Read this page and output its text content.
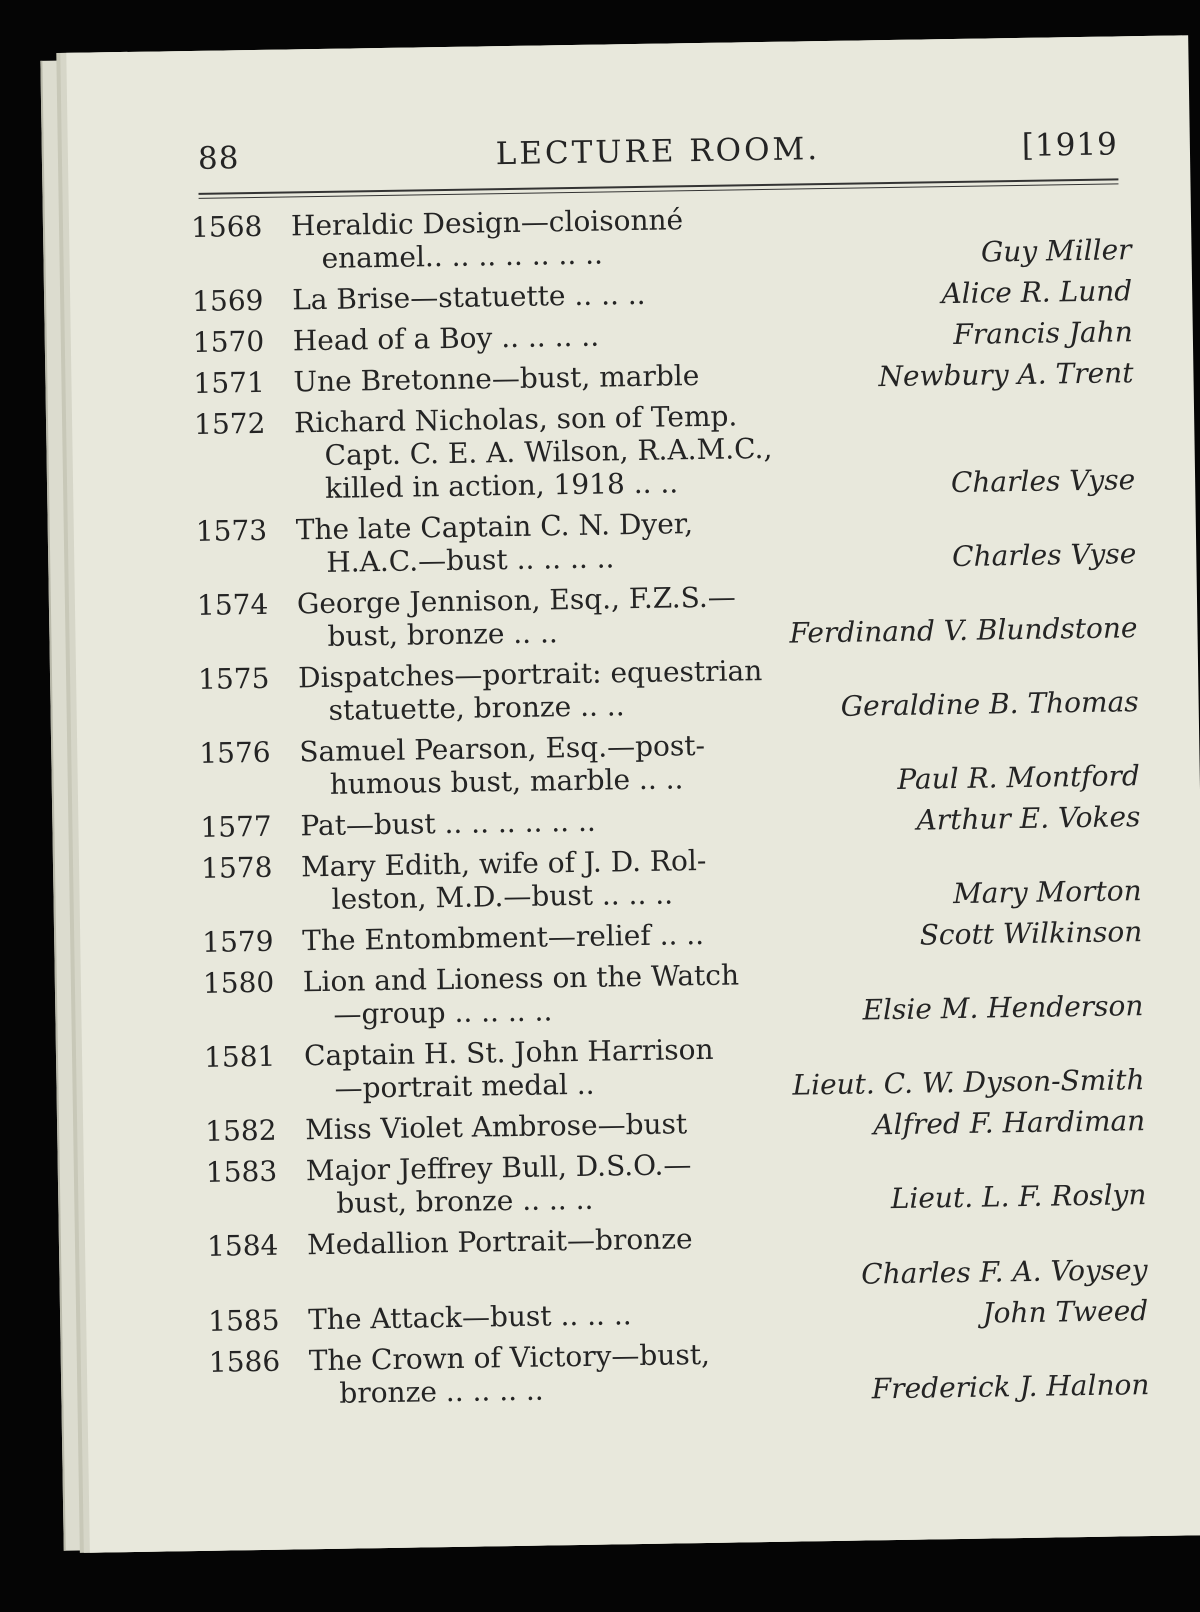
88	LECTURE ROOM.	[1919
1568	Heraldic Design—cloisonné
enamel.. .. .. .. .. .. ..	Guy Miller
1569	La Brise—statuette .. .. ..	Alice R. Lund
1570	Head of a Boy .. .. .. ..	Francis Jahn
1571	Une Bretonne—bust, marble	Newbury A. Trent
1572	Richard Nicholas, son of Temp.
Capt. C. E. A. Wilson, R.A.M.C., killed in action, 1918 .. ..	Charles Vyse
1573	The late Captain C. N. Dyer,
H.A.C.—bust .. .. .. ..	Charles Vyse
1574	George Jennison, Esq., F.Z.S.—
bust, bronze .. ..	Ferdinand V. Blundstone
1575	Dispatches—portrait: equestrian
statuette, bronze .. ..	Geraldine B. Thomas
1576	Samuel Pearson, Esq.—post-
humous bust, marble .. ..	Paul R. Montford
1577	Pat—bust .. .. .. .. .. ..	Arthur E. Vokes
1578	Mary Edith, wife of J. D. Rol-
leston, M.D.—bust .. .. ..	Mary Morton
1579	The Entombment—relief .. ..	Scott Wilkinson
1580	Lion and Lioness on the Watch
—group .. .. .. ..	Elsie M. Henderson
1581	Captain H. St. John Harrison
—portrait medal ..	Lieut. C. W. Dyson-Smith
1582	Miss Violet Ambrose—bust	Alfred F. Hardiman
1583	Major Jeffrey Bull, D.S.O.—
bust, bronze .. .. ..	Lieut. L. F. Roslyn
1584	Medallion Portrait—bronze
Charles F. A. Voysey
1585	The Attack—bust .. .. ..	John Tweed
1586	The Crown of Victory—bust,
bronze .. .. .. ..	Frederick J. Halnon
